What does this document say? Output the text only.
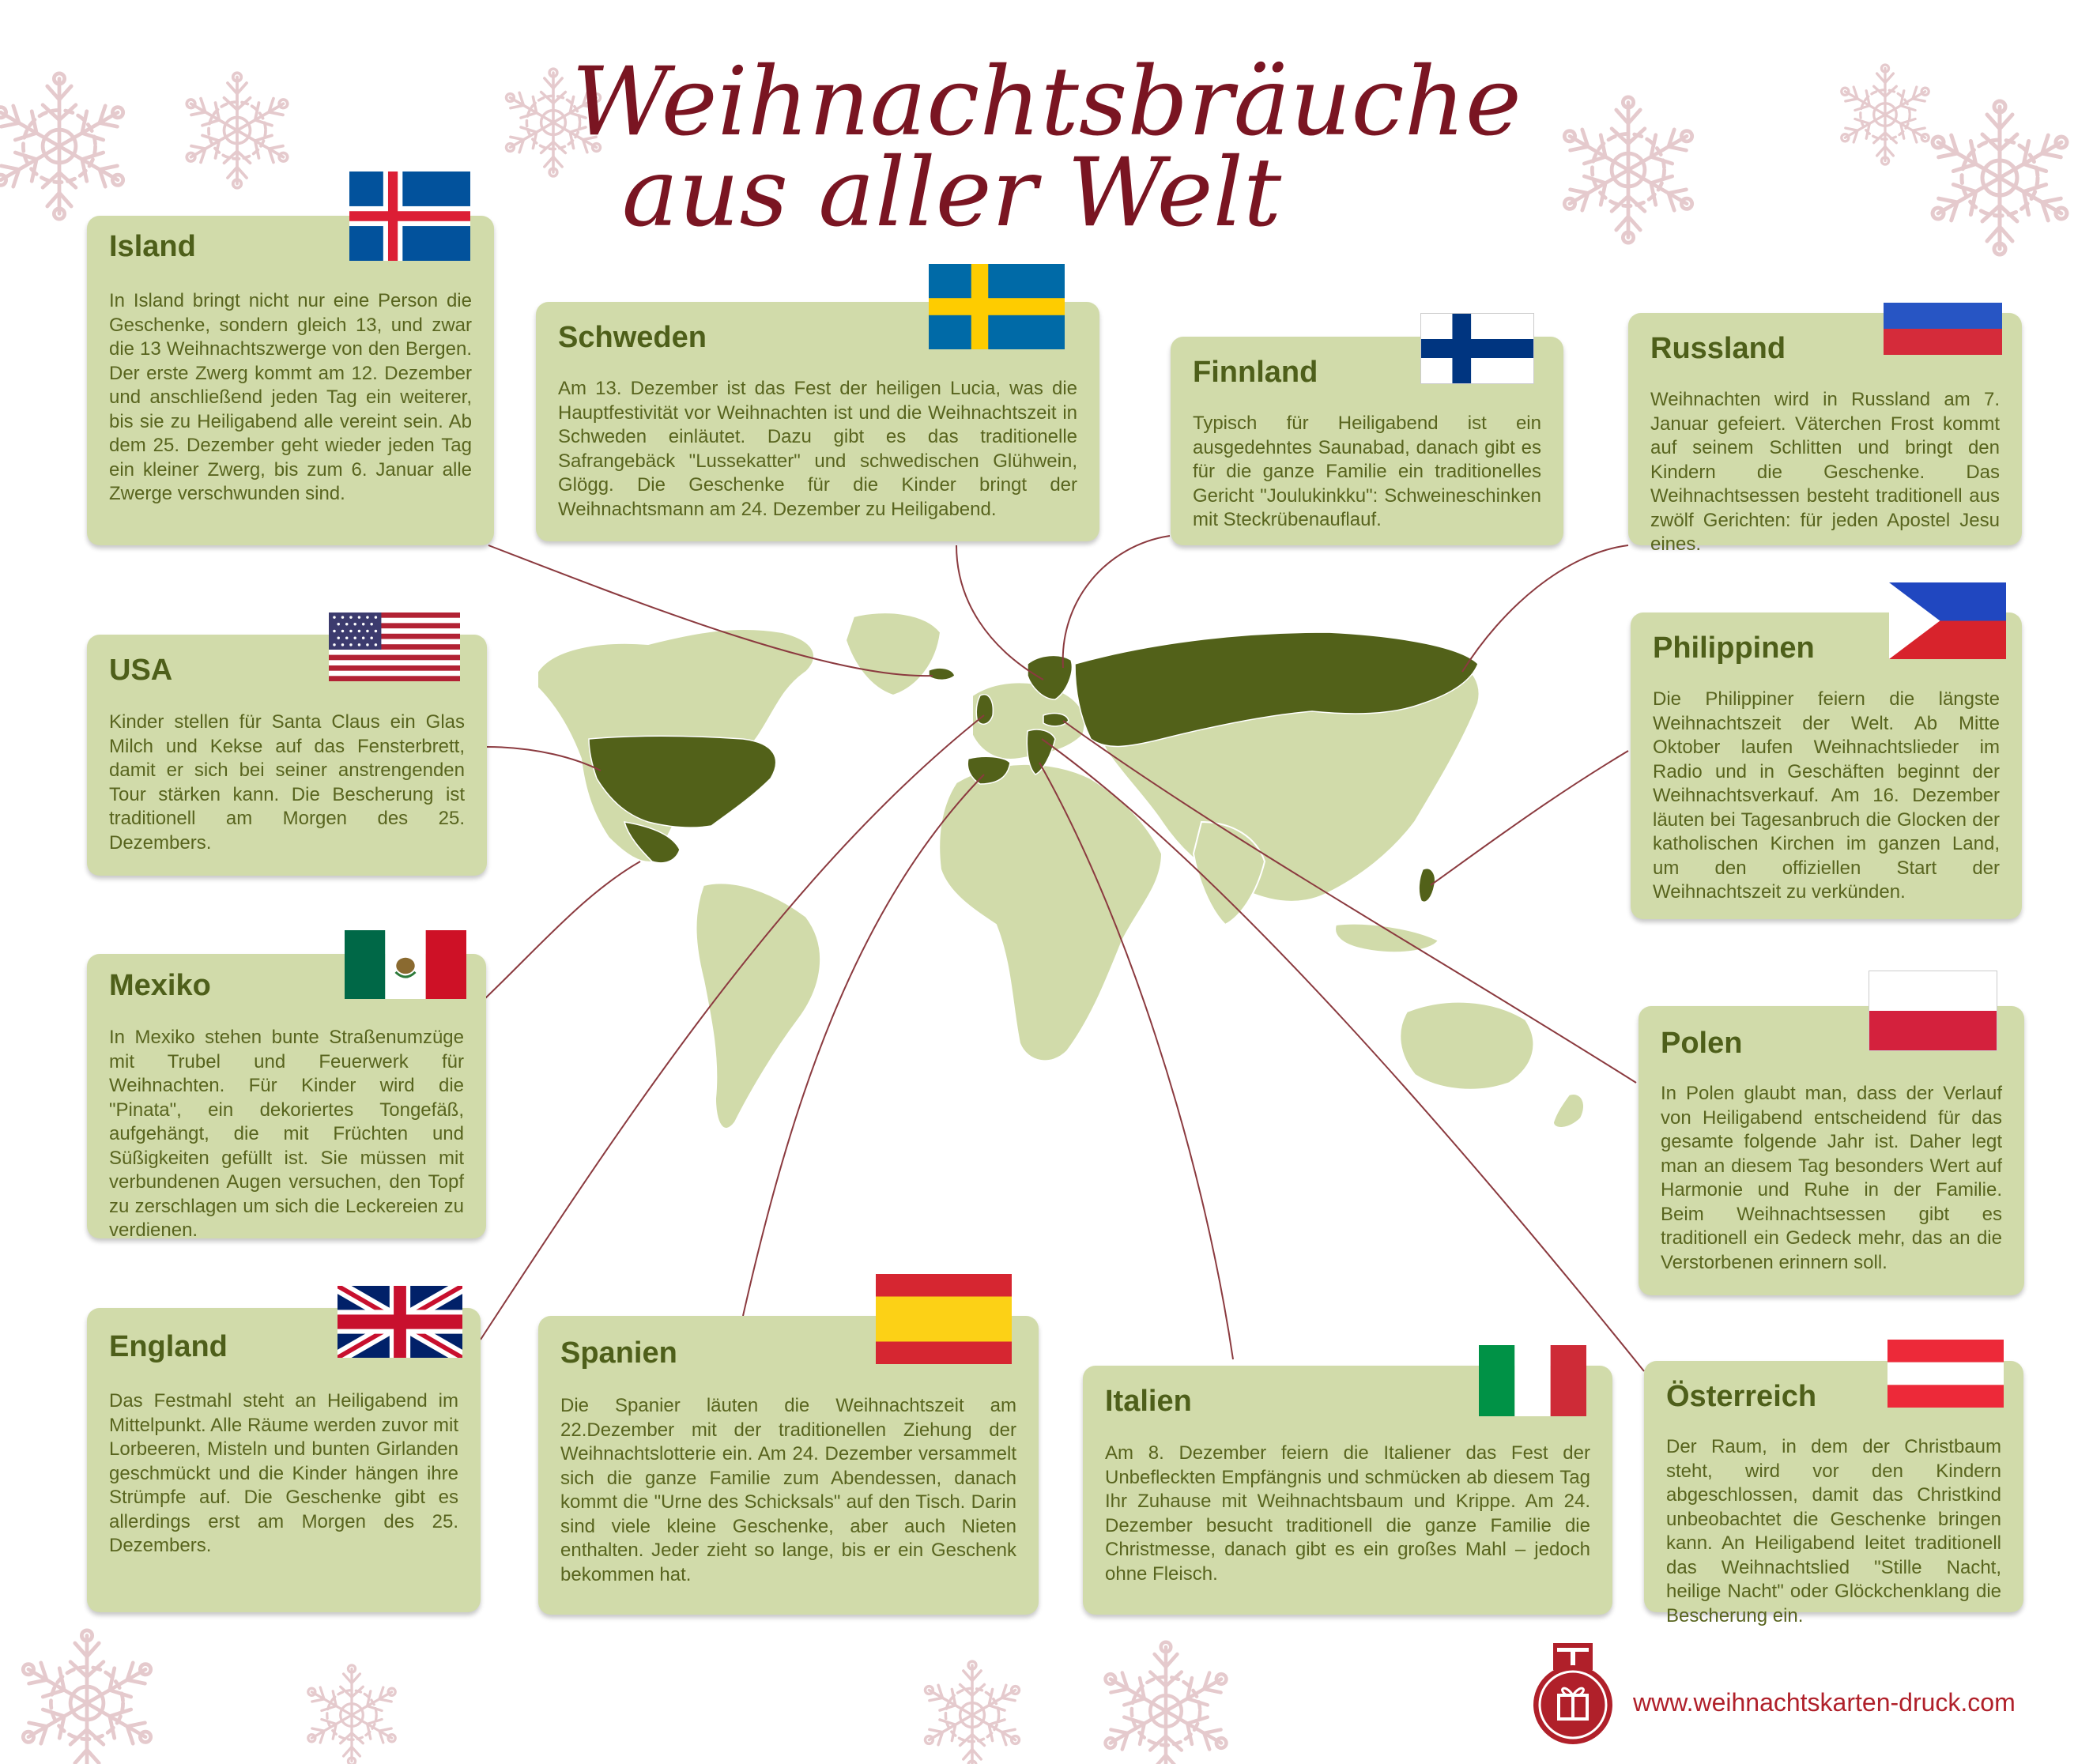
Weihnachtsbräuche
aus aller Welt
Island

In Island bringt nicht nur eine Person die Geschenke, sondern gleich 13, und zwar die 13 Weihnachtszwerge von den Bergen. Der erste Zwerg kommt am 12. Dezember und anschließend jeden Tag ein weiterer, bis sie zu Heiligabend alle vereint sein. Ab dem 25. Dezember geht wieder jeden Tag ein kleiner Zwerg, bis zum 6. Januar alle Zwerge verschwunden sind.

Schweden

Am 13. Dezember ist das Fest der heiligen Lucia, was die Hauptfestivität vor Weihnachten ist und die Weihnachtszeit in Schweden einläutet. Dazu gibt es das traditionelle Safrangebäck "Lussekatter" und schwedischen Glühwein, Glögg. Die Geschenke für die Kinder bringt der Weihnachtsmann am 24. Dezember zu Heiligabend.

Finnland

Typisch für Heiligabend ist ein ausgedehntes Saunabad, danach gibt es für die ganze Familie ein traditionelles Gericht "Joulukinkku": Schweineschinken mit Steckrübenauflauf.

Russland

Weihnachten wird in Russland am 7. Januar gefeiert. Väterchen Frost kommt auf seinem Schlitten und bringt den Kindern die Geschenke. Das Weihnachtsessen besteht traditionell aus zwölf Gerichten: für jeden Apostel Jesu eines.

USA

Kinder stellen für Santa Claus ein Glas Milch und Kekse auf das Fensterbrett, damit er sich bei seiner anstrengenden Tour stärken kann. Die Bescherung ist traditionell am Morgen des 25. Dezembers.

Philippinen

Die Philippiner feiern die längste Weihnachtszeit der Welt. Ab Mitte Oktober laufen Weihnachtslieder im Radio und in Geschäften beginnt der Weihnachtsverkauf. Am 16. Dezember läuten bei Tagesanbruch die Glocken der katholischen Kirchen im ganzen Land, um den offiziellen Start der Weihnachtszeit zu verkünden.

Mexiko

In Mexiko stehen bunte Straßenumzüge mit Trubel und Feuerwerk für Weihnachten. Für Kinder wird die "Pinata", ein dekoriertes Tongefäß, aufgehängt, die mit Früchten und Süßigkeiten gefüllt ist. Sie müssen mit verbundenen Augen versuchen, den Topf zu zerschlagen um sich die Leckereien zu verdienen.

Polen

In Polen glaubt man, dass der Verlauf von Heiligabend entscheidend für das gesamte folgende Jahr ist. Daher legt man an diesem Tag besonders Wert auf Harmonie und Ruhe in der Familie. Beim Weihnachtsessen gibt es traditionell ein Gedeck mehr, das an die Verstorbenen erinnern soll.

England

Das Festmahl steht an Heiligabend im Mittelpunkt. Alle Räume werden zuvor mit Lorbeeren, Misteln und bunten Girlanden geschmückt und die Kinder hängen ihre Strümpfe auf. Die Geschenke gibt es allerdings erst am Morgen des 25. Dezembers.

Spanien

Die Spanier läuten die Weihnachtszeit am 22.Dezember mit der traditionellen Ziehung der Weihnachtslotterie ein. Am 24. Dezember versammelt sich die ganze Familie zum Abendessen, danach kommt die "Urne des Schicksals" auf den Tisch. Darin sind viele kleine Geschenke, aber auch Nieten enthalten. Jeder zieht so lange, bis er ein Geschenk bekommen hat.

Italien

Am 8. Dezember feiern die Italiener das Fest der Unbefleckten Empfängnis und schmücken ab diesem Tag Ihr Zuhause mit Weihnachtsbaum und Krippe. Am 24. Dezember besucht traditionell die ganze Familie die Christmesse, danach gibt es ein großes Mahl – jedoch ohne Fleisch.

Österreich

Der Raum, in dem der Christbaum steht, wird vor den Kindern abgeschlossen, damit das Christkind unbeobachtet die Geschenke bringen kann. An Heiligabend leitet traditionell das Weihnachtslied "Stille Nacht, heilige Nacht" oder Glöckchenklang die Bescherung ein.

www.weihnachtskarten-druck.com
